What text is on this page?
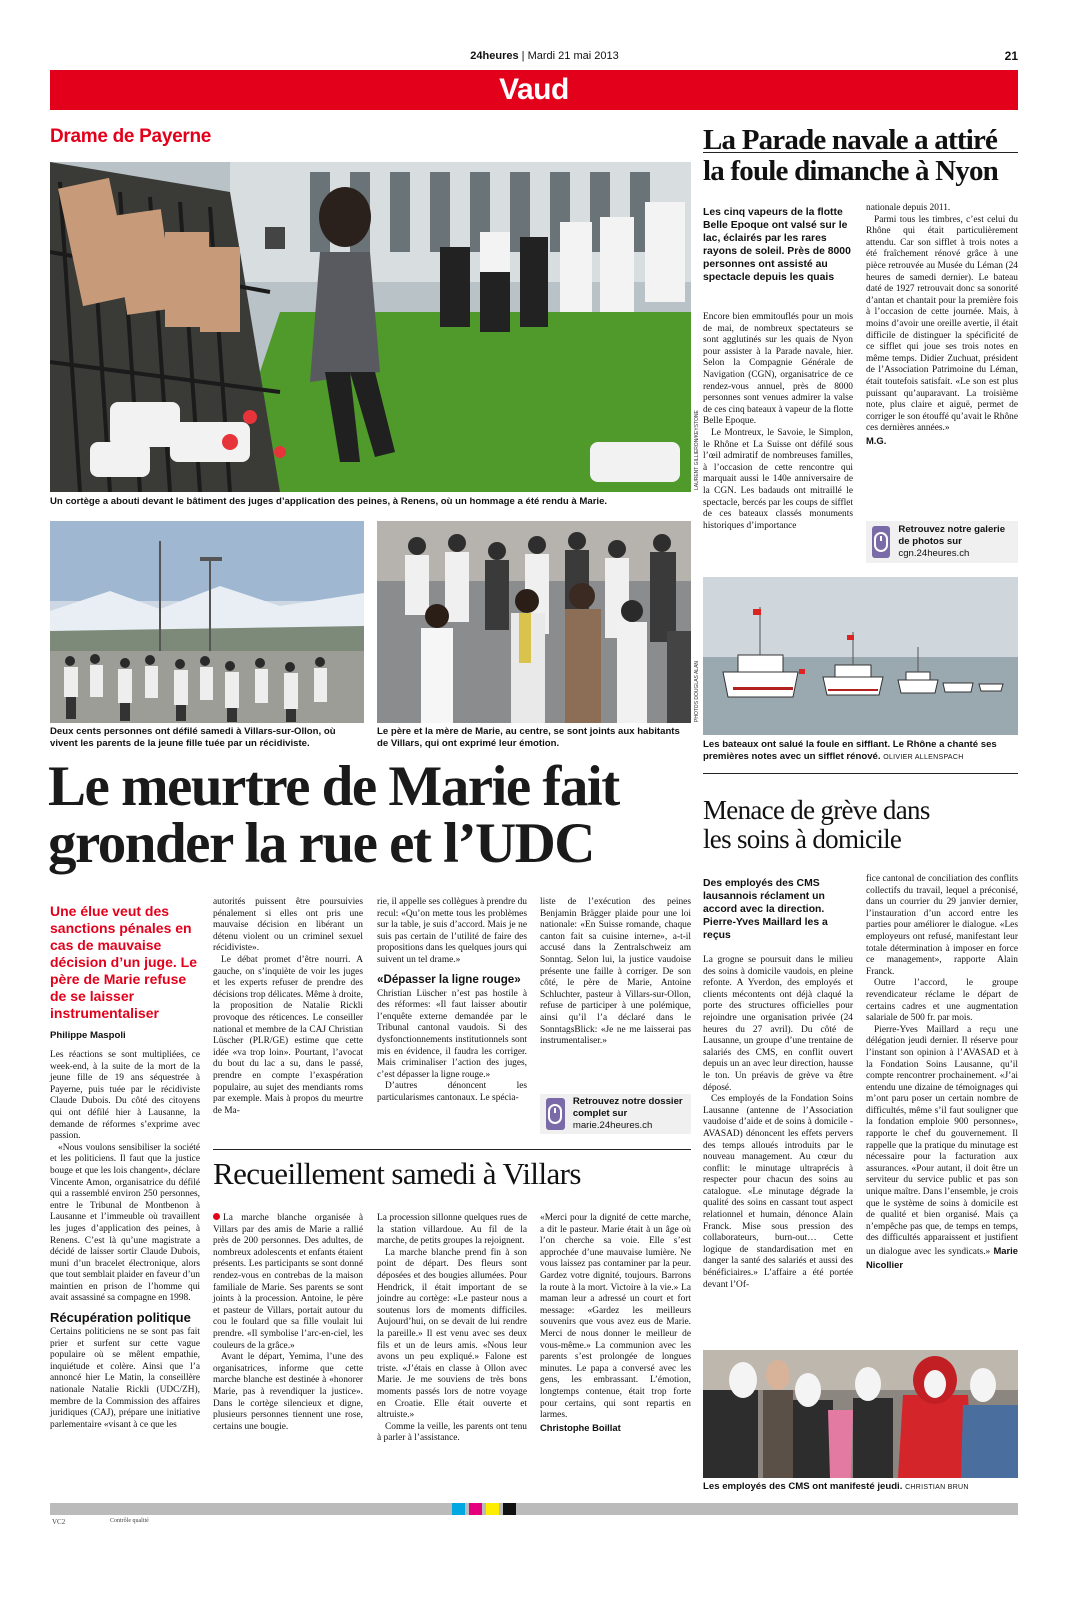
24heures | Mardi 21 mai 2013	21
Vaud
Drame de Payerne
LAURENT GILLIERON/KEYSTONE
Un cortège a abouti devant le bâtiment des juges d’application des peines, à Renens, où un hommage a été rendu à Marie.
Deux cents personnes ont défilé samedi à Villars-sur-Ollon, où vivent les parents de la jeune fille tuée par un récidiviste.
PHOTOS DOUGLAS ALAN
Le père et la mère de Marie, au centre, se sont joints aux habitants de Villars, qui ont exprimé leur émotion.
Le meurtre de Marie fait
gronder la rue et l’UDC
Une élue veut des sanctions pénales en cas de mauvaise décision d’un juge. Le père de Marie refuse de se laisser instrumentaliser
Philippe Maspoli

Les réactions se sont multipliées, ce week-end, à la suite de la mort de la jeune fille de 19 ans séquestrée à Payerne, puis tuée par le récidiviste Claude Dubois. Du côté des citoyens qui ont défilé hier à Lausanne, la demande de réformes s’exprime avec passion.

«Nous voulons sensibiliser la société et les politiciens. Il faut que la justice bouge et que les lois changent», déclare Vincente Amon, organisatrice du défilé qui a rassemblé environ 250 personnes, entre le Tribunal de Montbenon à Lausanne et l’immeuble où travaillent les juges d’application des peines, à Renens. C’est là qu’une magistrate a décidé de laisser sortir Claude Dubois, muni d’un bracelet électronique, alors que tout semblait plaider en faveur d’un maintien en prison de l’homme qui avait assassiné sa compagne en 1998.

Récupération politique

Certains politiciens ne se sont pas fait prier et surfent sur cette vague populaire où se mêlent empathie, inquiétude et colère. Ainsi que l’a annoncé hier Le Matin, la conseillère nationale Natalie Rickli (UDC/ZH), membre de la Commission des affaires juridiques (CAJ), prépare une initiative parlementaire «visant à ce que les

autorités puissent être poursuivies pénalement si elles ont pris une mauvaise décision en libérant un détenu violent ou un criminel sexuel récidiviste».

Le débat promet d’être nourri. A gauche, on s’inquiète de voir les juges et les experts refuser de prendre des décisions trop délicates. Même à droite, la proposition de Natalie Rickli provoque des réticences. Le conseiller national et membre de la CAJ Christian Lüscher (PLR/GE) estime que cette idée «va trop loin». Pourtant, l’avocat du bout du lac a su, dans le passé, prendre en compte l’exaspération populaire, au sujet des mendiants roms par exemple. Mais à propos du meurtre de Ma-

rie, il appelle ses collègues à prendre du recul: «Qu’on mette tous les problèmes sur la table, je suis d’accord. Mais je ne suis pas certain de l’utilité de faire des propositions dans les quelques jours qui suivent un tel drame.»

«Dépasser la ligne rouge»

Christian Lüscher n’est pas hostile à des réformes: «Il faut laisser aboutir l’enquête externe demandée par le Tribunal cantonal vaudois. Si des dysfonctionnements institutionnels sont mis en évidence, il faudra les corriger. Mais criminaliser l’action des juges, c’est dépasser la ligne rouge.»

D’autres dénoncent les particularismes cantonaux. Le spécia-

liste de l’exécution des peines Benjamin Brägger plaide pour une loi nationale: «En Suisse romande, chaque canton fait sa cuisine interne», a-t-il accusé dans la Zentralschweiz am Sonntag. Selon lui, la justice vaudoise présente une faille à corriger. De son côté, le père de Marie, Antoine Schluchter, pasteur à Villars-sur-Ollon, refuse de participer à une polémique, ainsi qu’il l’a déclaré dans le SonntagsBlick: «Je ne me laisserai pas instrumentaliser.»

Retrouvez notre dossier complet sur
marie.24heures.ch
Recueillement samedi à Villars

La marche blanche organisée à Villars par des amis de Marie a rallié près de 200 personnes. Des adultes, de nombreux adolescents et enfants étaient présents. Les participants se sont donné rendez-vous en contrebas de la maison familiale de Marie. Ses parents se sont joints à la procession. Antoine, le père et pasteur de Villars, portait autour du cou le foulard que sa fille voulait lui prendre. «Il symbolise l’arc-en-ciel, les couleurs de la grâce.»

Avant le départ, Yemima, l’une des organisatrices, informe que cette marche blanche est destinée à «honorer Marie, pas à revendiquer la justice». Dans le cortège silencieux et digne, plusieurs personnes tiennent une rose, certains une bougie.

La procession sillonne quelques rues de la station villardoue. Au fil de la marche, de petits groupes la rejoignent.

La marche blanche prend fin à son point de départ. Des fleurs sont déposées et des bougies allumées. Pour Hendrick, il était important de se joindre au cortège: «Le pasteur nous a soutenus lors de moments difficiles. Aujourd’hui, on se devait de lui rendre la pareille.» Il est venu avec ses deux fils et un de leurs amis. «Nous leur avons un peu expliqué.» Falone est triste. «J’étais en classe à Ollon avec Marie. Je me souviens de très bons moments passés lors de notre voyage en Croatie. Elle était ouverte et altruiste.»

Comme la veille, les parents ont tenu à parler à l’assistance.

«Merci pour la dignité de cette marche, a dit le pasteur. Marie était à un âge où l’on cherche sa voie. Elle s’est approchée d’une mauvaise lumière. Ne vous laissez pas contaminer par la peur. Gardez votre dignité, toujours. Barrons la route à la mort. Victoire à la vie.» La maman leur a adressé un court et fort message: «Gardez les meilleurs souvenirs que vous avez eus de Marie. Merci de nous donner le meilleur de vous-même.» La communion avec les parents s’est prolongée de longues minutes. Le papa a conversé avec les gens, les embrassant. L’émotion, longtemps contenue, était trop forte pour certains, qui sont repartis en larmes.

Christophe Boillat

La Parade navale a attiré
la foule dimanche à Nyon
Les cinq vapeurs de la flotte Belle Epoque ont valsé sur le lac, éclairés par les rares rayons de soleil. Près de 8000 personnes ont assisté au spectacle depuis les quais

Encore bien emmitouflés pour un mois de mai, de nombreux spectateurs se sont agglutinés sur les quais de Nyon pour assister à la Parade navale, hier. Selon la Compagnie Générale de Navigation (CGN), organisatrice de ce rendez-vous annuel, près de 8000 personnes sont venues admirer la valse de ces cinq bateaux à vapeur de la flotte Belle Epoque.

Le Montreux, le Savoie, le Simplon, le Rhône et La Suisse ont défilé sous l’œil admiratif de nombreuses familles, à l’occasion de cette rencontre qui marquait aussi le 140e anniversaire de la CGN. Les badauds ont mitraillé le spectacle, bercés par les coups de sifflet de ces bateaux classés monuments historiques d’importance

nationale depuis 2011.

Parmi tous les timbres, c’est celui du Rhône qui était particulièrement attendu. Car son sifflet à trois notes a été fraîchement rénové grâce à une pièce retrouvée au Musée du Léman (24 heures de samedi dernier). Le bateau daté de 1927 retrouvait donc sa sonorité d’antan et chantait pour la première fois à l’occasion de cette journée. Mais, à moins d’avoir une oreille avertie, il était difficile de distinguer la spécificité de ce sifflet qui joue ses trois notes en même temps. Didier Zuchuat, président de l’Association Patrimoine du Léman, était toutefois satisfait. «Le son est plus puissant qu’auparavant. La troisième note, plus claire et aiguë, permet de corriger le son étouffé qu’avait le Rhône ces dernières années.»

M.G.

Retrouvez notre galerie de photos sur
cgn.24heures.ch
Les bateaux ont salué la foule en sifflant. Le Rhône a chanté ses premières notes avec un sifflet rénové. OLIVIER ALLENSPACH
Menace de grève dans
les soins à domicile
Des employés des CMS lausannois réclament un accord avec la direction. Pierre-Yves Maillard les a reçus

La grogne se poursuit dans le milieu des soins à domicile vaudois, en pleine refonte. A Yverdon, des employés et clients mécontents ont déjà claqué la porte des structures officielles pour rejoindre une organisation privée (24 heures du 27 avril). Du côté de Lausanne, un groupe d’une trentaine de salariés des CMS, en conflit ouvert depuis un an avec leur direction, hausse le ton. Un préavis de grève va être déposé.

Ces employés de la Fondation Soins Lausanne (antenne de l’Association vaudoise d’aide et de soins à domicile - AVASAD) dénoncent les effets pervers des temps alloués introduits par le nouveau management. Au cœur du conflit: le minutage ultraprécis à respecter pour chacun des soins au catalogue. «Le minutage dégrade la qualité des soins en cassant tout aspect relationnel et humain, dénonce Alain Franck. Mise sous pression des collaborateurs, burn-out… Cette logique de standardisation met en danger la santé des salariés et aussi des bénéficiaires.» L’affaire a été portée devant l’Of-

fice cantonal de conciliation des conflits collectifs du travail, lequel a préconisé, dans un courrier du 29 janvier dernier, l’instauration d’un accord entre les parties pour améliorer le dialogue. «Les employeurs ont refusé, manifestant leur totale détermination à imposer en force ce management», rapporte Alain Franck.

Outre l’accord, le groupe revendicateur réclame le départ de certains cadres et une augmentation salariale de 500 fr. par mois.

Pierre-Yves Maillard a reçu une délégation jeudi dernier. Il réserve pour l’instant son opinion à l’AVASAD et à la Fondation Soins Lausanne, qu’il compte rencontrer prochainement. «J’ai entendu une dizaine de témoignages qui m’ont paru poser un certain nombre de difficultés, même s’il faut souligner que la fondation emploie 900 personnes», rapporte le chef du gouvernement. Il rappelle que la pratique du minutage est nécessaire pour la facturation aux assurances. «Pour autant, il doit être un serviteur du service public et pas son unique maître. Dans l’ensemble, je crois que le système de soins à domicile est de qualité et bien organisé. Mais ça n’empêche pas que, de temps en temps, des difficultés apparaissent et justifient un dialogue avec les syndicats.» Marie Nicollier

Les employés des CMS ont manifesté jeudi. CHRISTIAN BRUN
VC2	Contrôle qualité
